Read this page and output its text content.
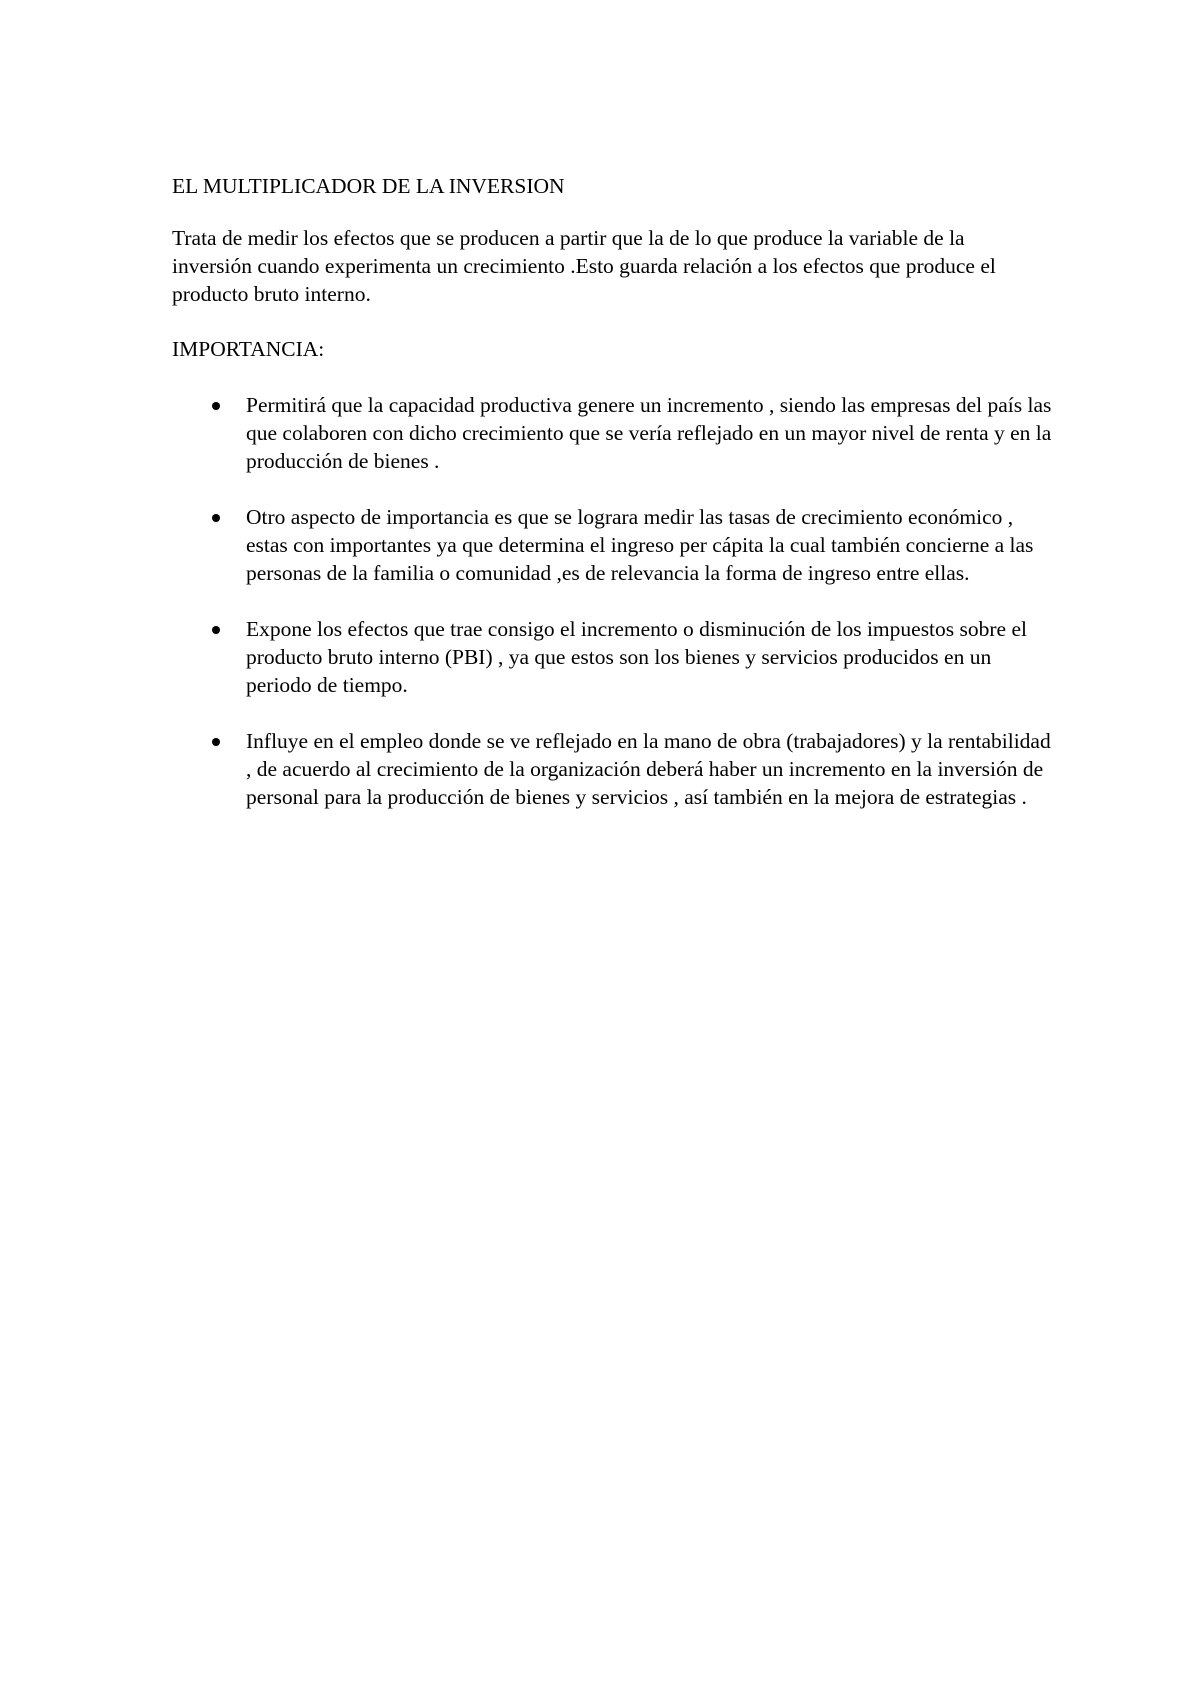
EL MULTIPLICADOR DE LA INVERSION

Trata de medir los efectos que se producen a partir que la de lo que produce la variable de la inversión cuando experimenta un crecimiento .Esto guarda relación a los efectos que produce el producto bruto interno.

IMPORTANCIA:

Permitirá que la capacidad productiva genere un incremento , siendo las empresas del país las que colaboren con dicho crecimiento que se vería reflejado en un mayor nivel de renta y en la producción de bienes .
Otro aspecto de importancia es que se lograra medir las tasas de crecimiento económico , estas con importantes ya que determina el ingreso per cápita la cual también concierne a las personas de la familia o comunidad ,es de relevancia la forma de ingreso entre ellas.
Expone los efectos que trae consigo el incremento o disminución de los impuestos sobre el producto bruto interno (PBI) , ya que estos son los bienes y servicios producidos en un periodo de tiempo.
Influye en el empleo donde se ve reflejado en la mano de obra (trabajadores) y la rentabilidad , de acuerdo al crecimiento de la organización deberá haber un incremento en la inversión de personal para la producción de bienes y servicios , así también en la mejora de estrategias .
